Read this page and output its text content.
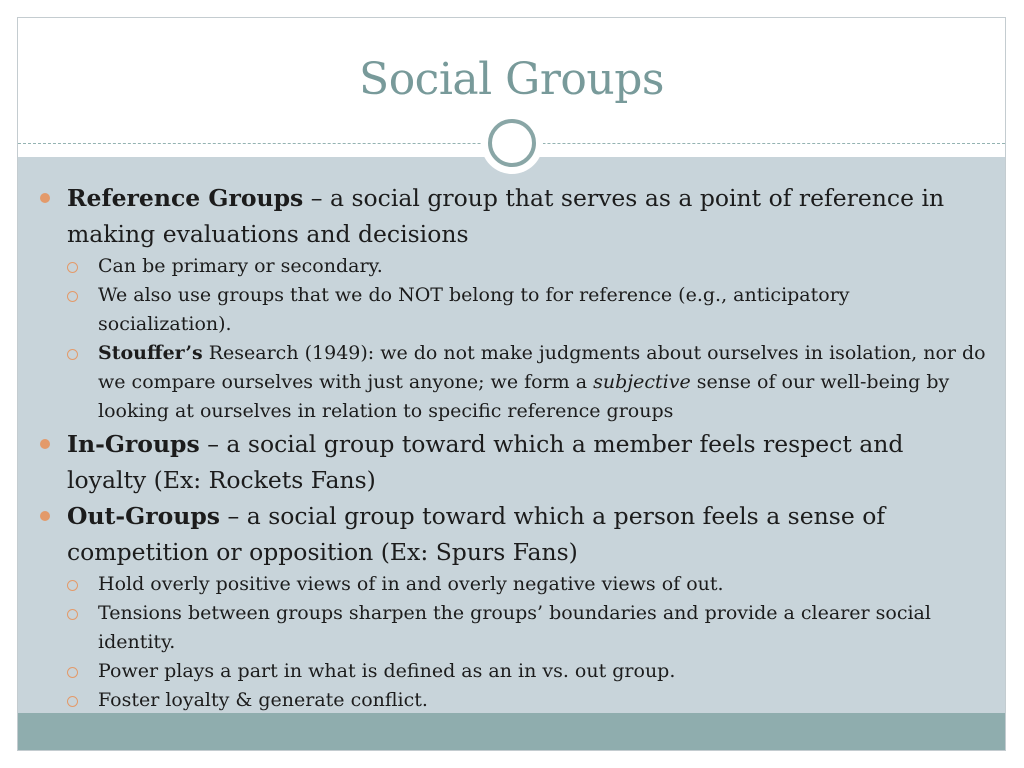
Social Groups
Reference Groups – a social group that serves as a point of reference in making evaluations and decisions
Can be primary or secondary.
We also use groups that we do NOT belong to for reference (e.g., anticipatory socialization).
Stouffer’s Research (1949): we do not make judgments about ourselves in isolation, nor do we compare ourselves with just anyone; we form a subjective sense of our well-being by looking at ourselves in relation to specific reference groups
In-Groups – a social group toward which a member feels respect and loyalty (Ex: Rockets Fans)
Out-Groups – a social group toward which a person feels a sense of competition or opposition (Ex: Spurs Fans)
Hold overly positive views of in and overly negative views of out.
Tensions between groups sharpen the groups’ boundaries and provide a clearer social identity.
Power plays a part in what is defined as an in vs. out group.
Foster loyalty & generate conflict.
